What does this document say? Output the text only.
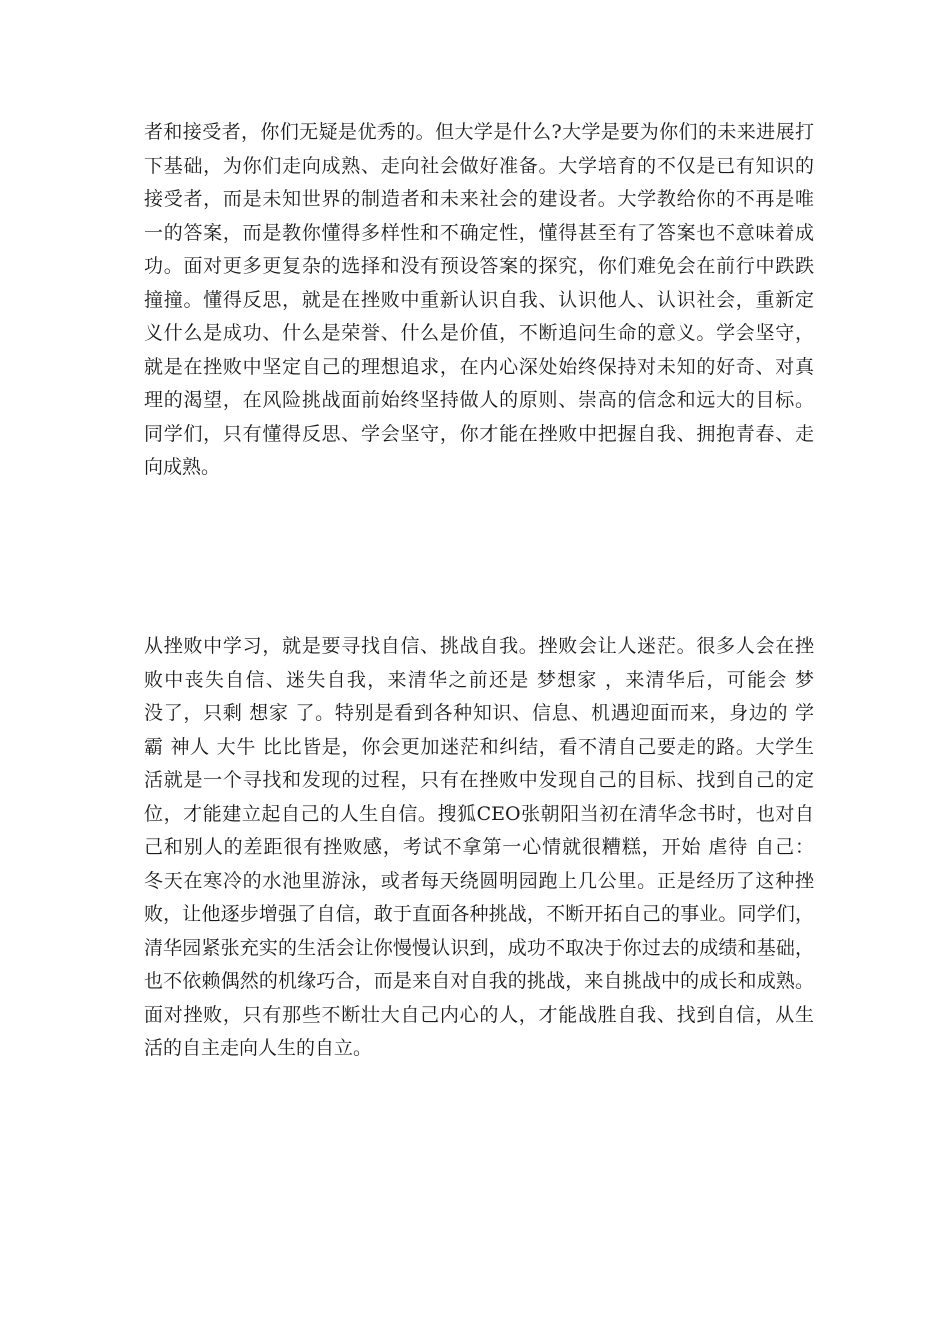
者和接受者，你们无疑是优秀的。但大学是什么?大学是要为你们的未来进展打
下基础，为你们走向成熟、走向社会做好准备。大学培育的不仅是已有知识的
接受者，而是未知世界的制造者和未来社会的建设者。大学教给你的不再是唯
一的答案，而是教你懂得多样性和不确定性，懂得甚至有了答案也不意味着成
功。面对更多更复杂的选择和没有预设答案的探究，你们难免会在前行中跌跌
撞撞。懂得反思，就是在挫败中重新认识自我、认识他人、认识社会，重新定
义什么是成功、什么是荣誉、什么是价值，不断追问生命的意义。学会坚守，
就是在挫败中坚定自己的理想追求，在内心深处始终保持对未知的好奇、对真
理的渴望，在风险挑战面前始终坚持做人的原则、崇高的信念和远大的目标。
同学们，只有懂得反思、学会坚守，你才能在挫败中把握自我、拥抱青春、走
向成熟。
从挫败中学习，就是要寻找自信、挑战自我。挫败会让人迷茫。很多人会在挫
败中丧失自信、迷失自我，来清华之前还是 梦想家 ，来清华后，可能会 梦
没了，只剩 想家 了。特别是看到各种知识、信息、机遇迎面而来，身边的 学
霸 神人 大牛 比比皆是，你会更加迷茫和纠结，看不清自己要走的路。大学生
活就是一个寻找和发现的过程，只有在挫败中发现自己的目标、找到自己的定
位，才能建立起自己的人生自信。搜狐CEO张朝阳当初在清华念书时，也对自
己和别人的差距很有挫败感，考试不拿第一心情就很糟糕，开始 虐待 自己：
冬天在寒冷的水池里游泳，或者每天绕圆明园跑上几公里。正是经历了这种挫
败，让他逐步增强了自信，敢于直面各种挑战，不断开拓自己的事业。同学们，
清华园紧张充实的生活会让你慢慢认识到，成功不取决于你过去的成绩和基础，
也不依赖偶然的机缘巧合，而是来自对自我的挑战，来自挑战中的成长和成熟。
面对挫败，只有那些不断壮大自己内心的人，才能战胜自我、找到自信，从生
活的自主走向人生的自立。
